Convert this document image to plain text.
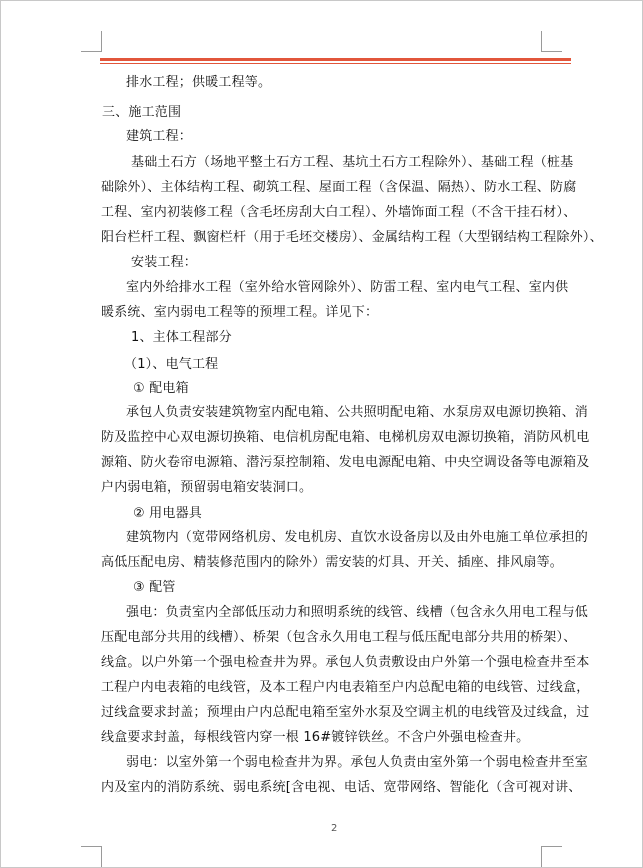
排水工程；供暖工程等。
三、施工范围
建筑工程：
基础土石方（场地平整土石方工程、基坑土石方工程除外）、基础工程（桩基
础除外）、主体结构工程、砌筑工程、屋面工程（含保温、隔热）、防水工程、防腐
工程、室内初装修工程（含毛坯房刮大白工程）、外墙饰面工程（不含干挂石材）、
阳台栏杆工程、飘窗栏杆（用于毛坯交楼房）、金属结构工程（大型钢结构工程除外）、
安装工程：
室内外给排水工程（室外给水管网除外）、防雷工程、室内电气工程、室内供
暖系统、室内弱电工程等的预埋工程。详见下：
1、主体工程部分
（1）、电气工程
① 配电箱
承包人负责安装建筑物室内配电箱、公共照明配电箱、水泵房双电源切换箱、消
防及监控中心双电源切换箱、电信机房配电箱、电梯机房双电源切换箱，消防风机电
源箱、防火卷帘电源箱、潜污泵控制箱、发电电源配电箱、中央空调设备等电源箱及
户内弱电箱，预留弱电箱安装洞口。
② 用电器具
建筑物内（宽带网络机房、发电机房、直饮水设备房以及由外电施工单位承担的
高低压配电房、精装修范围内的除外）需安装的灯具、开关、插座、排风扇等。
③ 配管
强电：负责室内全部低压动力和照明系统的线管、线槽（包含永久用电工程与低
压配电部分共用的线槽）、桥架（包含永久用电工程与低压配电部分共用的桥架）、
线盒。以户外第一个强电检查井为界。承包人负责敷设由户外第一个强电检查井至本
工程户内电表箱的电线管，及本工程户内电表箱至户内总配电箱的电线管、过线盒，
过线盒要求封盖；预埋由户内总配电箱至室外水泵及空调主机的电线管及过线盒，过
线盒要求封盖，每根线管内穿一根 16#镀锌铁丝。不含户外强电检查井。
弱电：以室外第一个弱电检查井为界。承包人负责由室外第一个弱电检查井至室
内及室内的消防系统、弱电系统[含电视、电话、宽带网络、智能化（含可视对讲、
2
